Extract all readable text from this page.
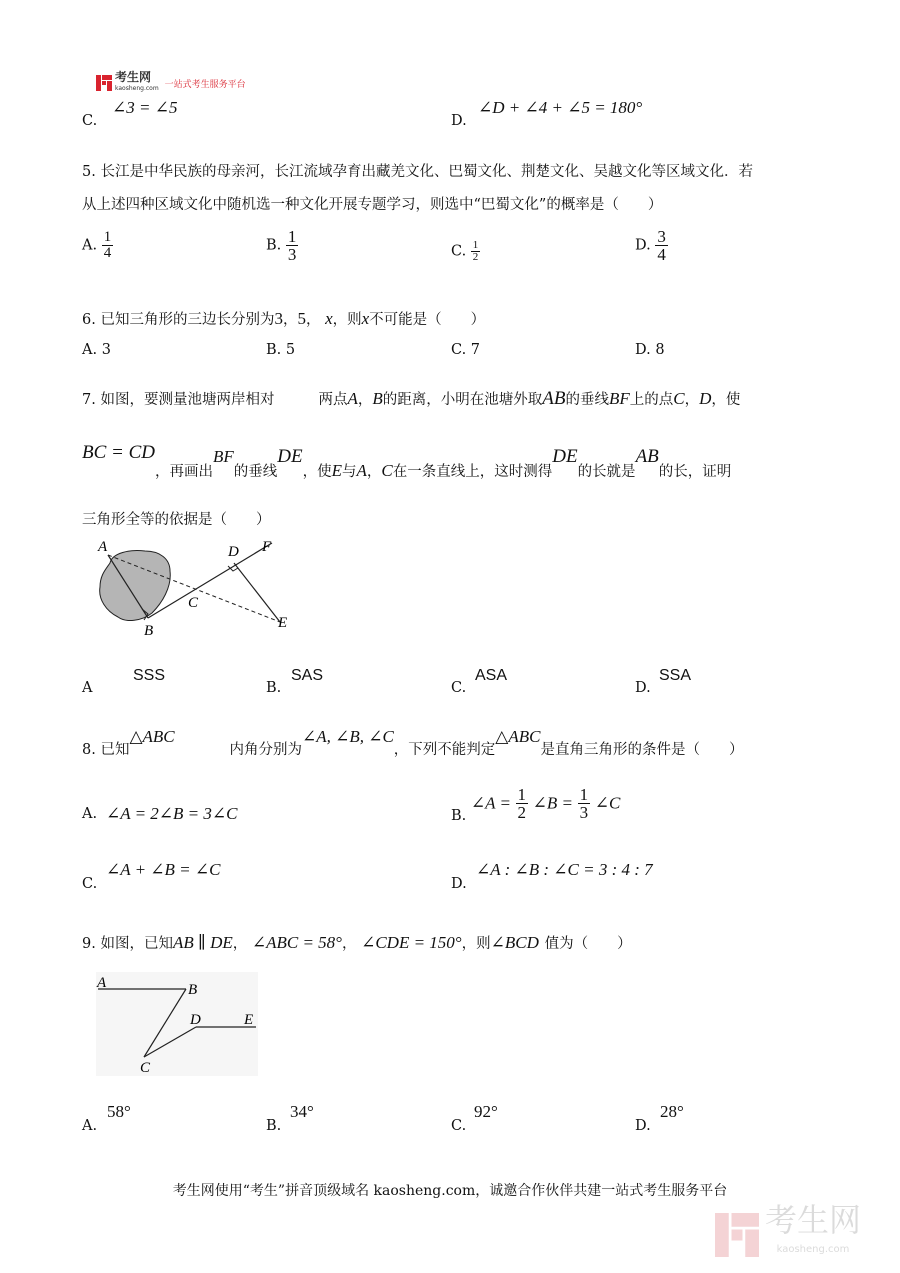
考生网
kaosheng.com 一站式考生服务平台
C.
∠3 = ∠5
D.
∠D + ∠4 + ∠5 = 180°
5. 长江是中华民族的母亲河，长江流域孕育出藏羌文化、巴蜀文化、荆楚文化、吴越文化等区域文化．若
从上述四种区域文化中随机选一种文化开展专题学习，则选中“巴蜀文化”的概率是（　　）
A. $\frac{1}{4}$	B. $\frac{1}{3}$	C. $\frac{1}{2}$	D. $\frac{3}{4}$
6. 已知三角形的三边长分别为3，5， x，则x不可能是（　　）
A. 3	B. 5	C. 7	D. 8
7. 如图，要测量池塘两岸相对	两点A，B的距离，小明在池塘外取AB的垂线BF上的点C，D，使
BC = CD，再画出BF的垂线DE，使E与A，C在一条直线上，这时测得DE的长就是AB的长，证明
三角形全等的依据是（　　）
A
B
C
D
E
F
A
SSS
B.
SAS
C.
ASA
D.
SSA
8. 已知△ABC内角分别为∠A, ∠B, ∠C，下列不能判定△ABC是直角三角形的条件是（　　）
A. ∠A = 2∠B = 3∠C	B. ∠A = $\frac{1}{2}$ ∠B = $\frac{1}{3}$ ∠C
C.
∠A + ∠B = ∠C
D.
∠A : ∠B : ∠C = 3 : 4 : 7
9. 如图，已知AB ∥ DE， ∠ABC = 58°， ∠CDE = 150°，则∠BCD 值为（　　）
A	B
C
D	E
A.
58°
B.
34°
C.
92°
D.
28°
考生网使用“考生”拼音顶级域名 kaosheng.com，诚邀合作伙伴共建一站式考生服务平台
考生网
kaosheng.com
